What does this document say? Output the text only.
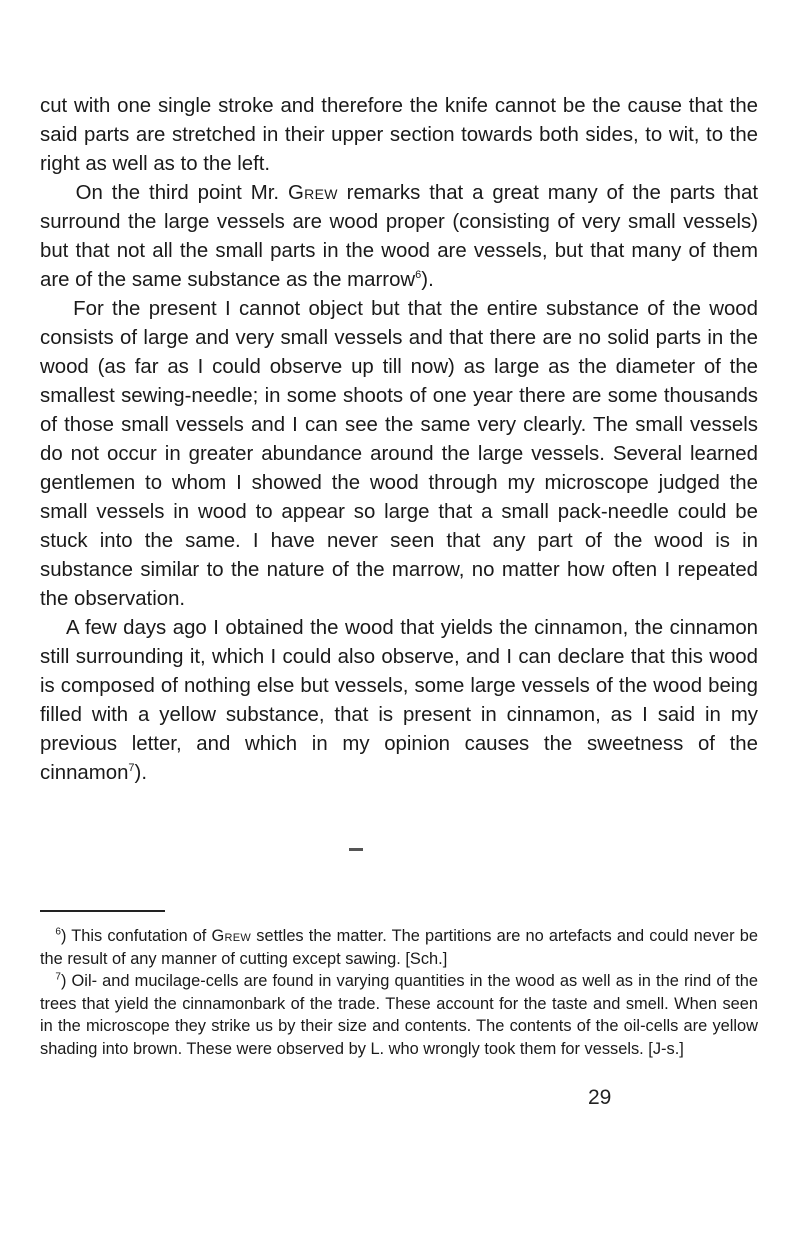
cut with one single stroke and therefore the knife cannot be the cause that the said parts are stretched in their upper section towards both sides, to wit, to the right as well as to the left.

On the third point Mr. Grew remarks that a great many of the parts that surround the large vessels are wood proper (consisting of very small vessels) but that not all the small parts in the wood are vessels, but that many of them are of the same substance as the marrow$^6$).

For the present I cannot object but that the entire substance of the wood consists of large and very small vessels and that there are no solid parts in the wood (as far as I could observe up till now) as large as the diameter of the smallest sewing-needle; in some shoots of one year there are some thousands of those small vessels and I can see the same very clearly. The small vessels do not occur in greater abundance around the large vessels. Several learned gentlemen to whom I showed the wood through my microscope judged the small vessels in wood to appear so large that a small pack-needle could be stuck into the same. I have never seen that any part of the wood is in substance similar to the nature of the marrow, no matter how often I repeated the observation.

A few days ago I obtained the wood that yields the cinnamon, the cinnamon still surrounding it, which I could also observe, and I can declare that this wood is composed of nothing else but vessels, some large vessels of the wood being filled with a yellow substance, that is present in cinnamon, as I said in my previous letter, and which in my opinion causes the sweetness of the cinnamon$^7$).

$^6$) This confutation of Grew settles the matter. The partitions are no artefacts and could never be the result of any manner of cutting except sawing. [Sch.]

$^7$) Oil- and mucilage-cells are found in varying quantities in the wood as well as in the rind of the trees that yield the cinnamonbark of the trade. These account for the taste and smell. When seen in the microscope they strike us by their size and contents. The contents of the oil-cells are yellow shading into brown. These were observed by L. who wrongly took them for vessels. [J-s.]

29
